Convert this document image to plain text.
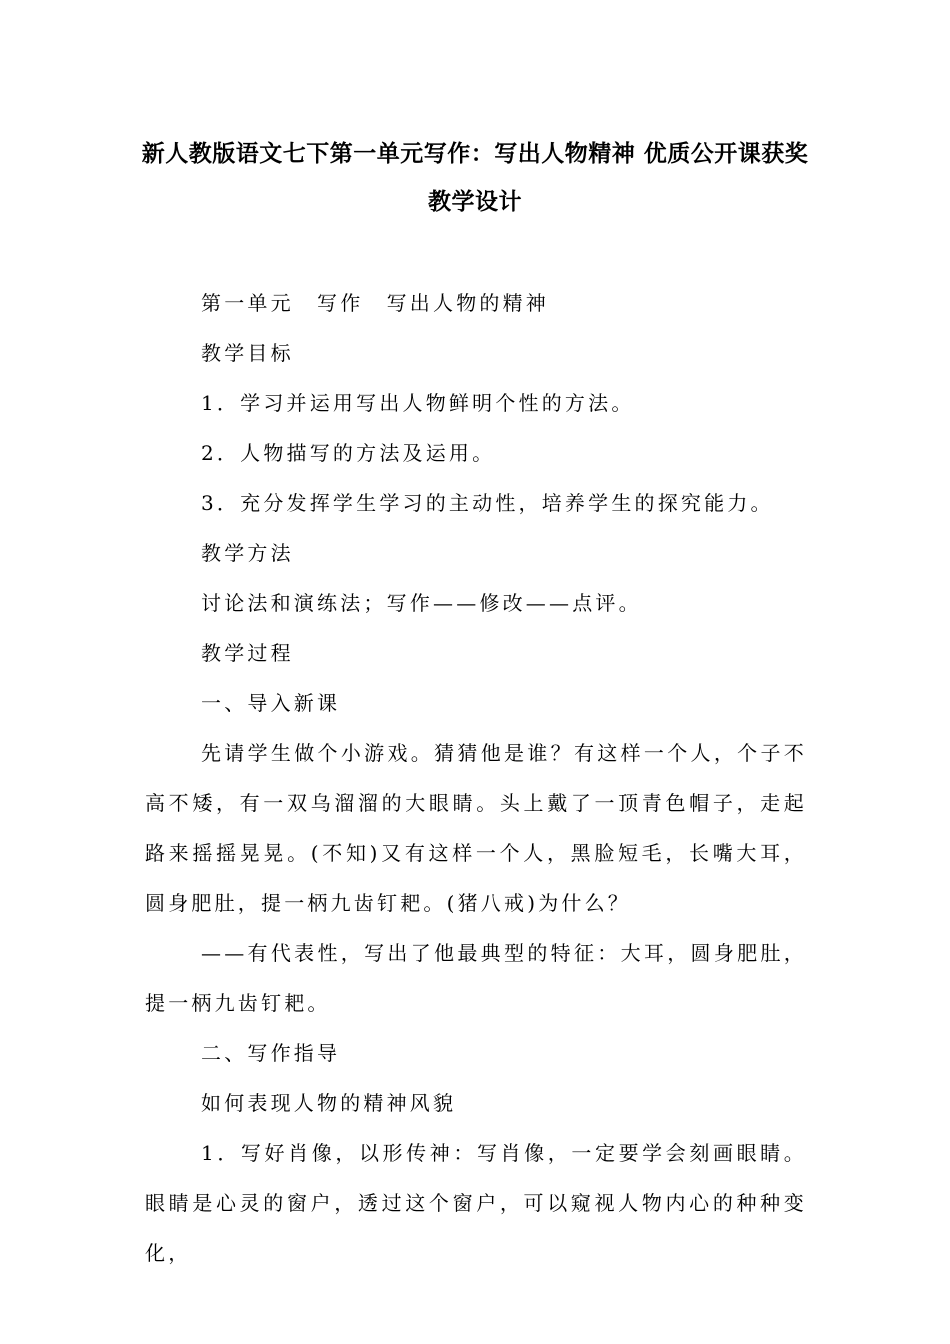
新人教版语文七下第一单元写作：写出人物精神 优质公开课获奖教学设计

第一单元　写作　写出人物的精神

教学目标

1．学习并运用写出人物鲜明个性的方法。

2．人物描写的方法及运用。

3．充分发挥学生学习的主动性，培养学生的探究能力。

教学方法

讨论法和演练法；写作——修改——点评。

教学过程

一、导入新课

先请学生做个小游戏。猜猜他是谁？有这样一个人，个子不高不矮，有一双乌溜溜的大眼睛。头上戴了一顶青色帽子，走起路来摇摇晃晃。(不知)又有这样一个人，黑脸短毛，长嘴大耳，圆身肥肚，提一柄九齿钉耙。(猪八戒)为什么？

——有代表性，写出了他最典型的特征：大耳，圆身肥肚，提一柄九齿钉耙。

二、写作指导

如何表现人物的精神风貌

1．写好肖像，以形传神：写肖像，一定要学会刻画眼睛。眼睛是心灵的窗户，透过这个窗户，可以窥视人物内心的种种变化，
